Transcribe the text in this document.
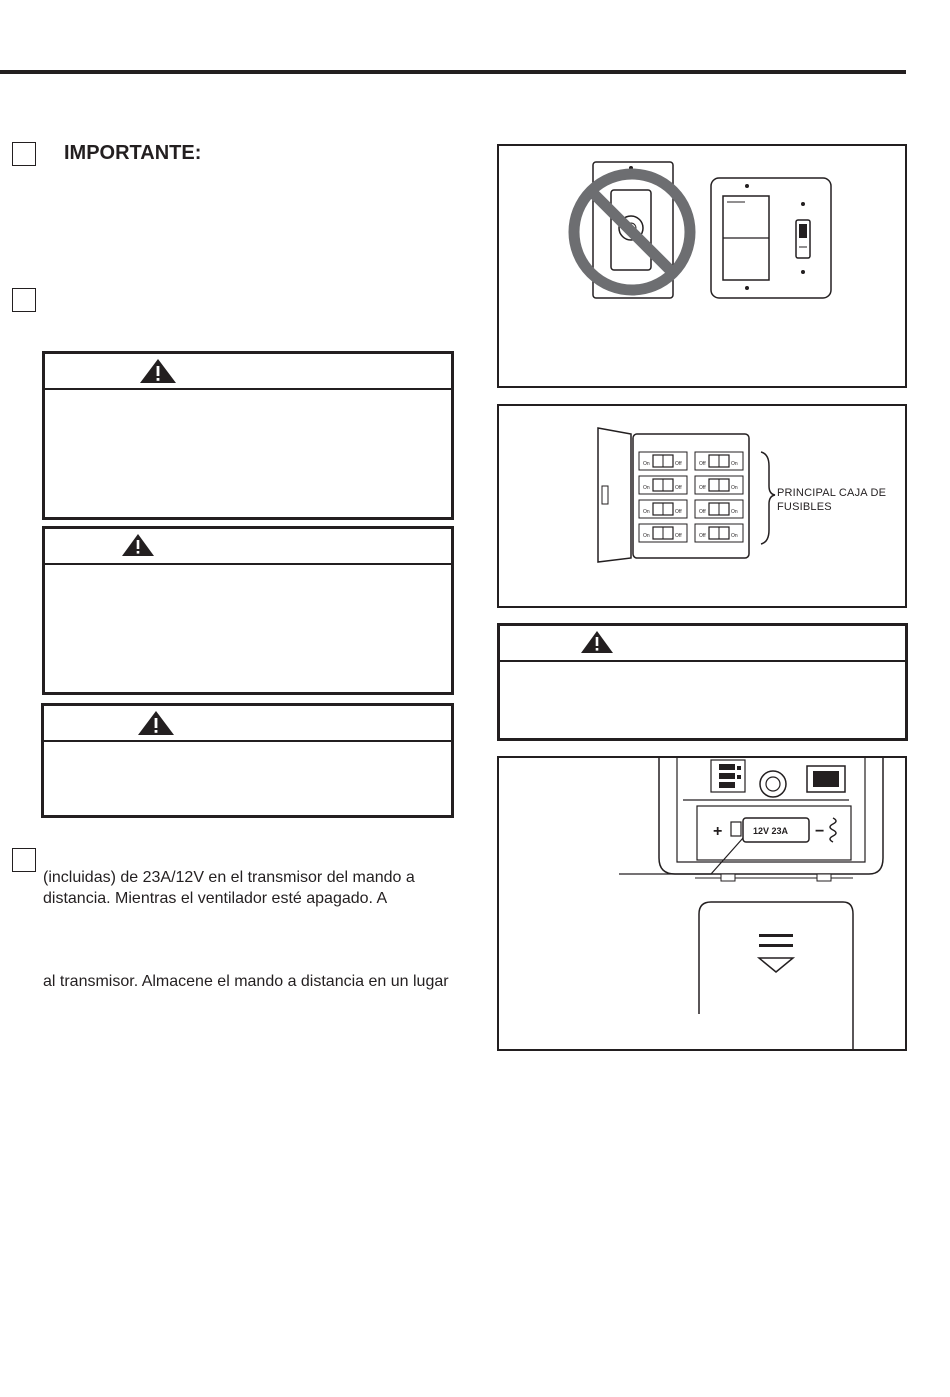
IMPORTANTE:
(incluidas) de 23A/12V en el transmisor del mando a
distancia. Mientras el ventilador esté apagado. A
al transmisor. Almacene el mando a distancia en un lugar
On	Off	Off	On
On	Off	Off	On
On	Off	Off	On
On	Off	Off	On
PRINCIPAL CAJA DE
FUSIBLES
+	12V 23A −
